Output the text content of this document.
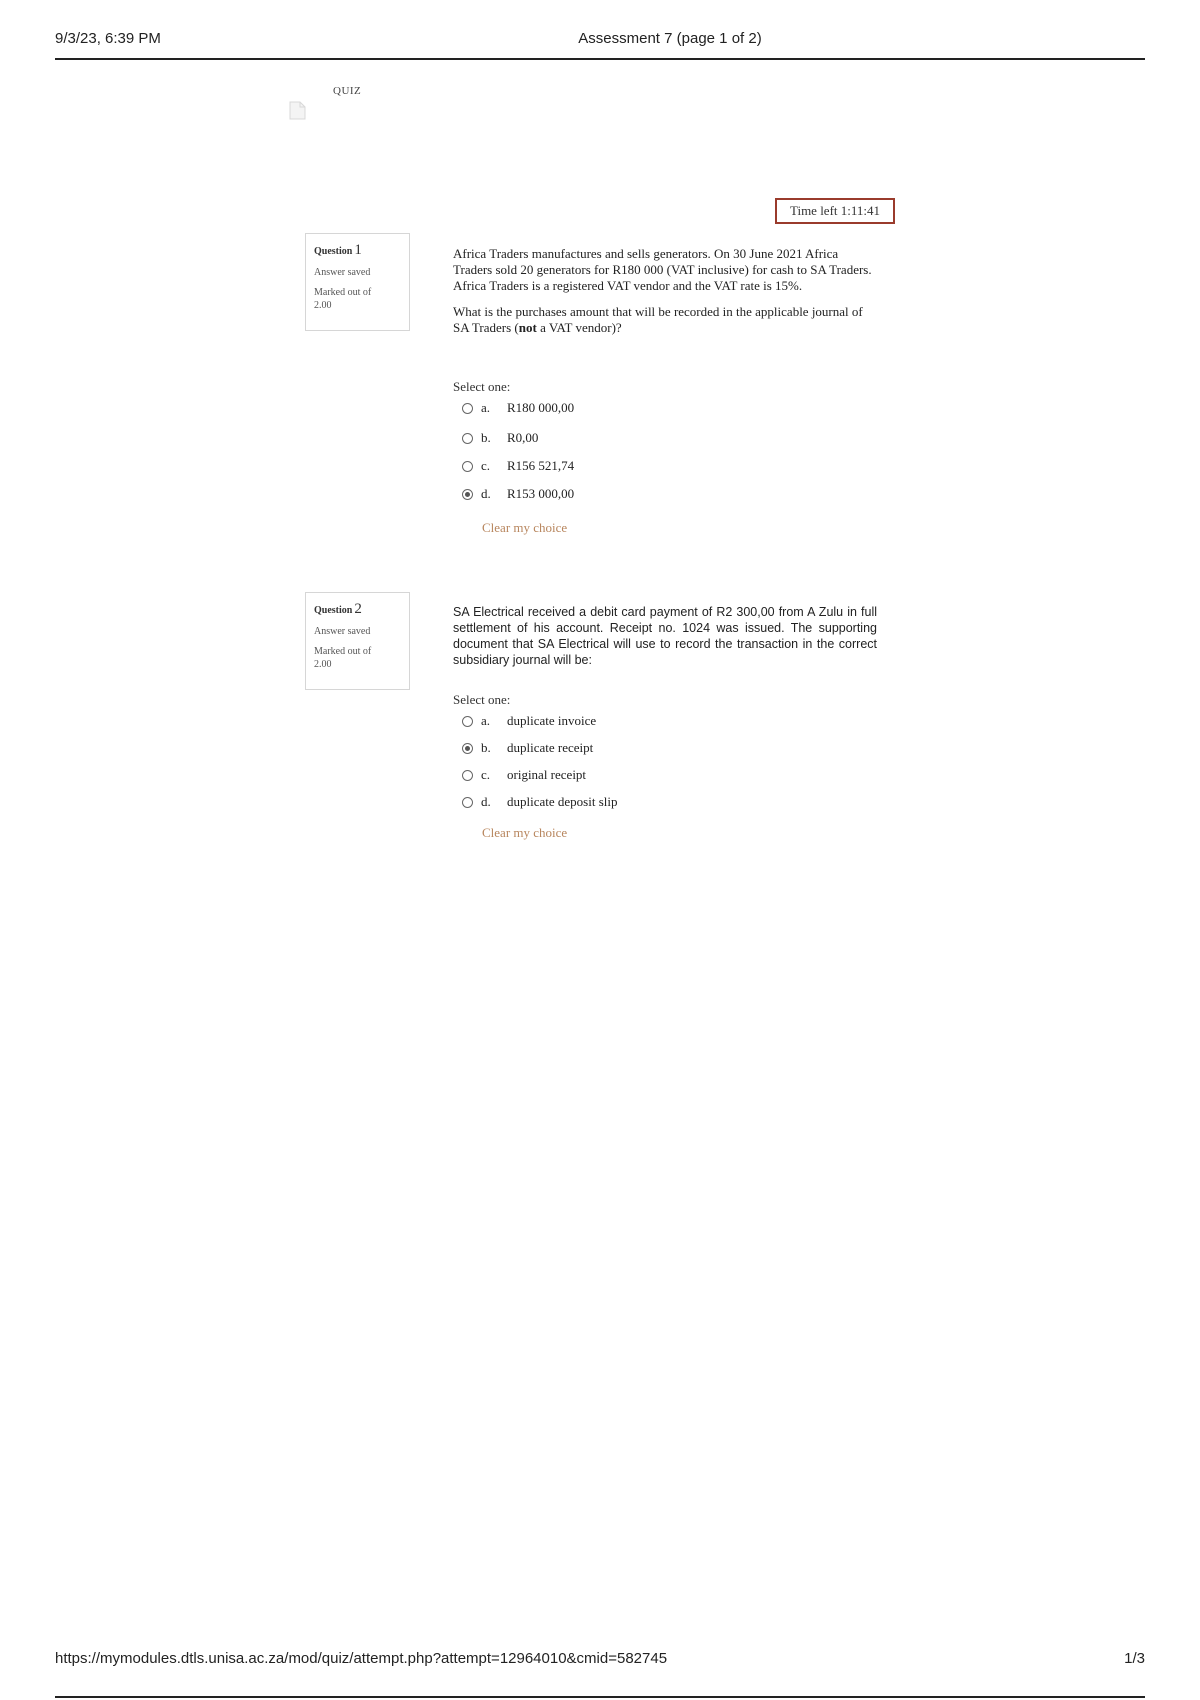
9/3/23, 6:39 PM	Assessment 7 (page 1 of 2)
QUIZ
Time left 1:11:41
Question 1
Answer saved
Marked out of 2.00

Africa Traders manufactures and sells generators. On 30 June 2021 Africa Traders sold 20 generators for R180 000 (VAT inclusive) for cash to SA Traders. Africa Traders is a registered VAT vendor and the VAT rate is 15%.

What is the purchases amount that will be recorded in the applicable journal of SA Traders (not a VAT vendor)?

Select one:
a.	R180 000,00
b.	R0,00
c.	R156 521,74
d.	R153 000,00
Clear my choice
Question 2
Answer saved
Marked out of 2.00
SA Electrical received a debit card payment of R2 300,00 from A Zulu in full settlement of his account. Receipt no. 1024 was issued. The supporting document that SA Electrical will use to record the transaction in the correct subsidiary journal will be:
Select one:
a.	duplicate invoice
b.	duplicate receipt
c.	original receipt
d.	duplicate deposit slip
Clear my choice
https://mymodules.dtls.unisa.ac.za/mod/quiz/attempt.php?attempt=12964010&cmid=582745	1/3
